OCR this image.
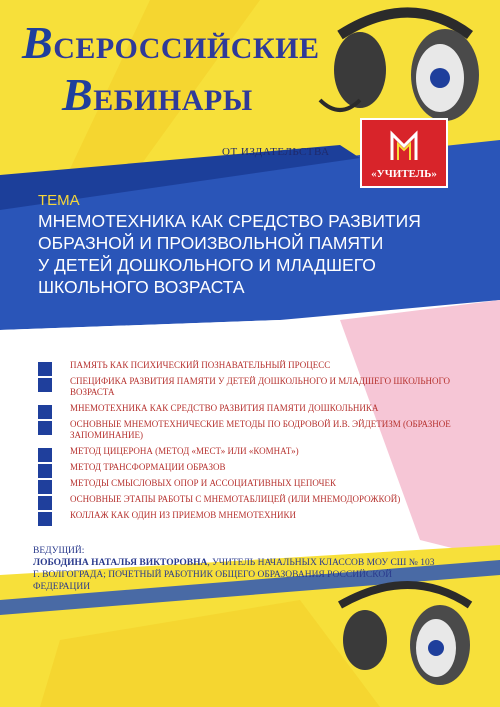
ВСЕРОССИЙСКИЕ
ВЕБИНАРЫ
ОТ ИЗДАТЕЛЬСТВА
«УЧИТЕЛЬ»
ТЕМА
МНЕМОТЕХНИКА КАК СРЕДСТВО РАЗВИТИЯ
ОБРАЗНОЙ И ПРОИЗВОЛЬНОЙ ПАМЯТИ
У ДЕТЕЙ ДОШКОЛЬНОГО И МЛАДШЕГО
ШКОЛЬНОГО ВОЗРАСТА
ПАМЯТЬ КАК ПСИХИЧЕСКИЙ ПОЗНАВАТЕЛЬНЫЙ ПРОЦЕСС
СПЕЦИФИКА РАЗВИТИЯ ПАМЯТИ У ДЕТЕЙ ДОШКОЛЬНОГО И МЛАДШЕГО ШКОЛЬНОГО ВОЗРАСТА
МНЕМОТЕХНИКА КАК СРЕДСТВО РАЗВИТИЯ ПАМЯТИ ДОШКОЛЬНИКА
ОСНОВНЫЕ МНЕМОТЕХНИЧЕСКИЕ МЕТОДЫ ПО БОДРОВОЙ И.В. ЭЙДЕТИЗМ (ОБРАЗНОЕ ЗАПОМИНАНИЕ)
МЕТОД ЦИЦЕРОНА (МЕТОД «МЕСТ» ИЛИ «КОМНАТ»)
МЕТОД ТРАНСФОРМАЦИИ ОБРАЗОВ
МЕТОДЫ СМЫСЛОВЫХ ОПОР И АССОЦИАТИВНЫХ ЦЕПОЧЕК
ОСНОВНЫЕ ЭТАПЫ РАБОТЫ С МНЕМОТАБЛИЦЕЙ (ИЛИ МНЕМОДОРОЖКОЙ)
КОЛЛАЖ КАК ОДИН ИЗ ПРИЕМОВ МНЕМОТЕХНИКИ
ВЕДУЩИЙ:
ЛОБОДИНА НАТАЛЬЯ ВИКТОРОВНА, УЧИТЕЛЬ НАЧАЛЬНЫХ КЛАССОВ МОУ СШ № 103 Г. ВОЛГОГРАДА; ПОЧЕТНЫЙ РАБОТНИК ОБЩЕГО ОБРАЗОВАНИЯ РОССИЙСКОЙ ФЕДЕРАЦИИ
